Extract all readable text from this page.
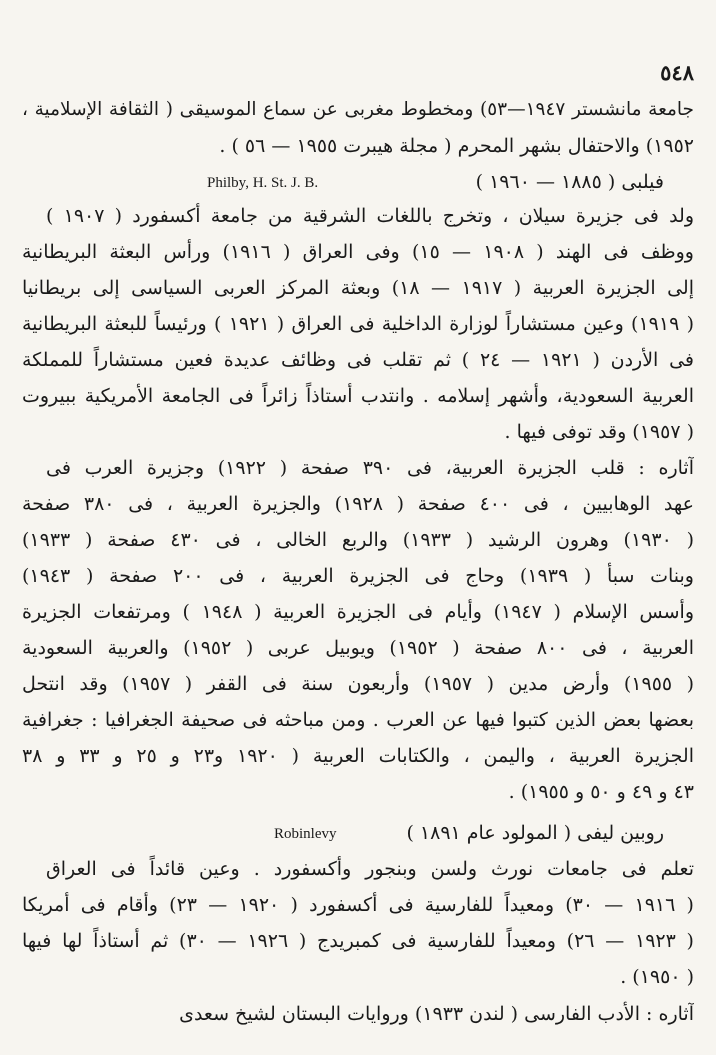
٥٤٨
جامعة مانشستر ١٩٤٧—٥٣) ومخطوط مغربى عن سماع الموسيقى ( الثقافة الإسلامية ،
١٩٥٢) والاحتفال بشهر المحرم ( مجلة هيبرت ١٩٥٥ — ٥٦ ) .
فيلبى ( ١٨٨٥ — ١٩٦٠ )
Philby, H. St. J. B.
ولد فى جزيرة سيلان ، وتخرج باللغات الشرقية من جامعة أكسفورد ( ١٩٠٧ )
ووظف فى الهند ( ١٩٠٨ — ١٥) وفى العراق ( ١٩١٦) ورأس البعثة البريطانية
إلى الجزيرة العربية ( ١٩١٧ — ١٨) وبعثة المركز العربى السياسى إلى بريطانيا
( ١٩١٩) وعين مستشاراً لوزارة الداخلية فى العراق ( ١٩٢١ ) ورئيساً للبعثة البريطانية
فى الأردن ( ١٩٢١ — ٢٤ ) ثم تقلب فى وظائف عديدة فعين مستشاراً للمملكة
العربية السعودية، وأشهر إسلامه . وانتدب أستاذاً زائراً فى الجامعة الأمريكية ببيروت
( ١٩٥٧) وقد توفى فيها .
آثاره : قلب الجزيرة العربية، فى ٣٩٠ صفحة ( ١٩٢٢) وجزيرة العرب فى
عهد الوهابيين ، فى ٤٠٠ صفحة ( ١٩٢٨) والجزيرة العربية ، فى ٣٨٠ صفحة
( ١٩٣٠) وهرون الرشيد ( ١٩٣٣) والربع الخالى ، فى ٤٣٠ صفحة ( ١٩٣٣)
وبنات سبأ ( ١٩٣٩) وحاج فى الجزيرة العربية ، فى ٢٠٠ صفحة ( ١٩٤٣)
وأسس الإسلام ( ١٩٤٧) وأيام فى الجزيرة العربية ( ١٩٤٨ ) ومرتفعات الجزيرة
العربية ، فى ٨٠٠ صفحة ( ١٩٥٢) ويوبيل عربى ( ١٩٥٢) والعربية السعودية
( ١٩٥٥) وأرض مدين ( ١٩٥٧) وأربعون سنة فى القفر ( ١٩٥٧) وقد انتحل
بعضها بعض الذين كتبوا فيها عن العرب . ومن مباحثه فى صحيفة الجغرافيا : جغرافية
الجزيرة العربية ، واليمن ، والكتابات العربية ( ١٩٢٠ و٢٣ و ٢٥ و ٣٣ و ٣٨
٤٣ و ٤٩ و ٥٠ و ١٩٥٥) .
روبين ليفى ( المولود عام ١٨٩١ )
Robinlevy
تعلم فى جامعات نورث ولسن وبنجور وأكسفورد . وعين قائداً فى العراق
( ١٩١٦ — ٣٠) ومعيداً للفارسية فى أكسفورد ( ١٩٢٠ — ٢٣) وأقام فى أمريكا
( ١٩٢٣ — ٢٦) ومعيداً للفارسية فى كمبريدج ( ١٩٢٦ — ٣٠) ثم أستاذاً لها فيها
( ١٩٥٠) .
آثاره : الأدب الفارسى ( لندن ١٩٣٣) وروايات البستان لشيخ سعدى
